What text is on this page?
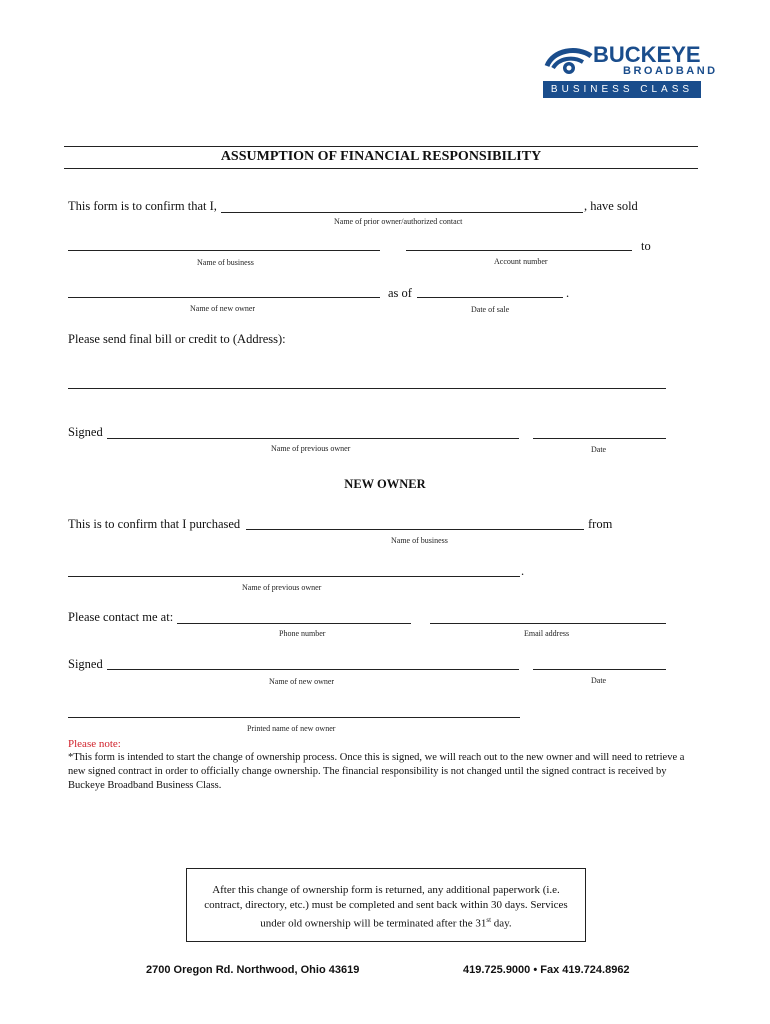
BUCKEYE
BROADBAND
BUSINESS CLASS
ASSUMPTION OF FINANCIAL RESPONSIBILITY
This form is to confirm that I,	, have sold
Name of prior owner/authorized contact
to
Name of business	Account number
as of	.
Name of new owner	Date of sale
Please send final bill or credit to (Address):
Signed
Name of previous owner	Date
NEW OWNER
This is to confirm that I purchased	from
Name of business
.
Name of previous owner
Please contact me at:
Phone number	Email address
Signed
Name of new owner	Date
Printed name of new owner
Please note:
*This form is intended to start the change of ownership process. Once this is signed, we will reach out to the new owner and will need to retrieve a new signed contract in order to officially change ownership. The financial responsibility is not changed until the signed contract is received by Buckeye Broadband Business Class.
After this change of ownership form is returned, any additional paperwork (i.e.
contract, directory, etc.) must be completed and sent back within 30 days. Services
under old ownership will be terminated after the 31st day.
2700 Oregon Rd. Northwood, Ohio 43619	419.725.9000 • Fax 419.724.8962
